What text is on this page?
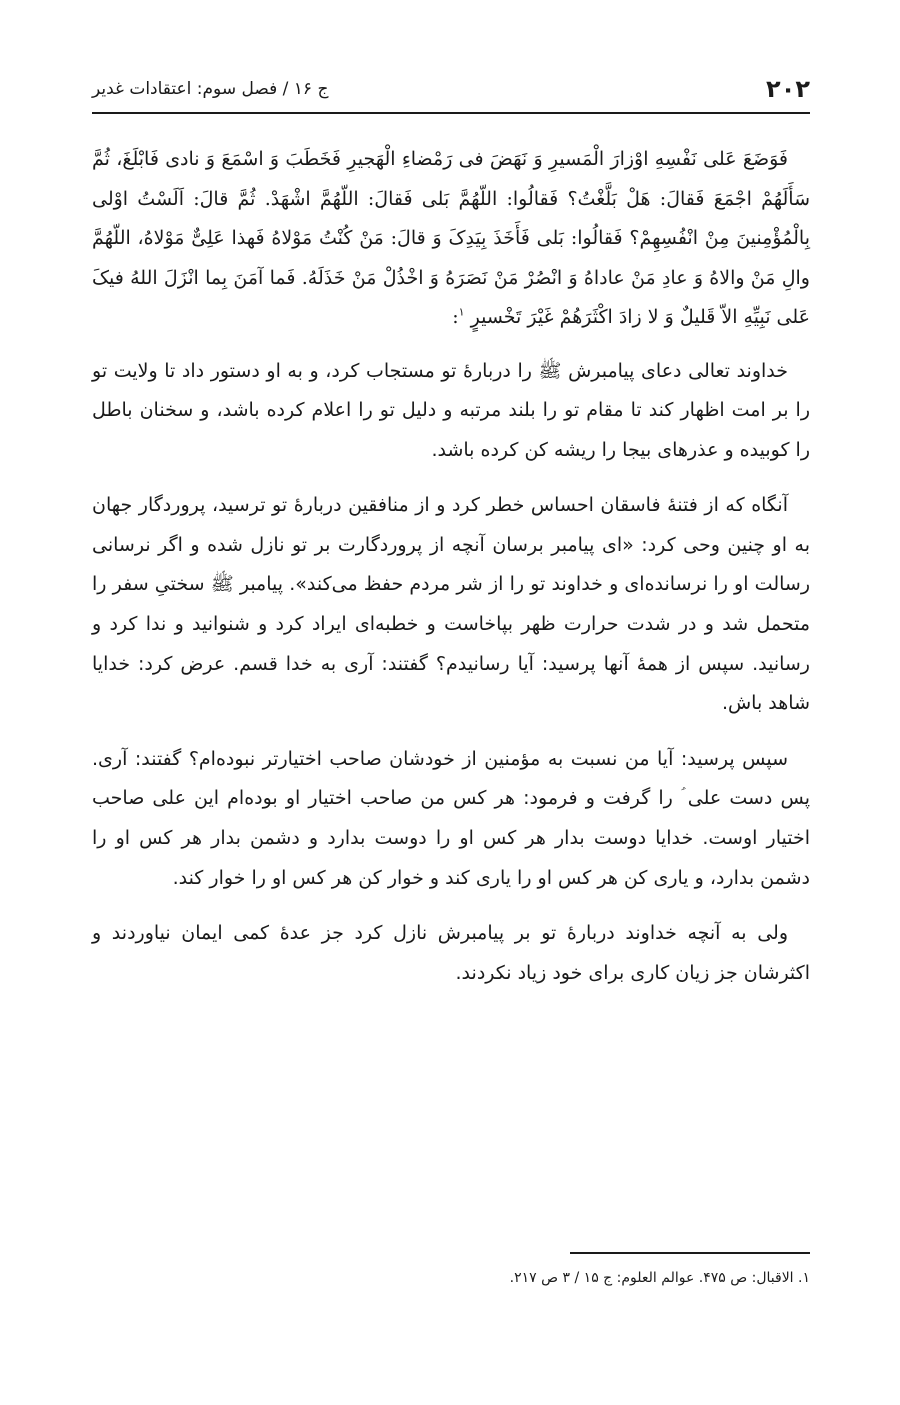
۲۰۲
ج ۱۶ / فصل سوم: اعتقادات غدیر

فَوَضَعَ عَلی نَفْسِهِ اوْزارَ الْمَسیرِ وَ نَهَضَ فی رَمْضاءِ الْهَجیرِ فَخَطَبَ وَ اسْمَعَ وَ نادی فَابْلَغَ، ثُمَّ سَأَلَهُمْ اجْمَعَ فَقالَ: هَلْ بَلَّغْتُ؟ فَقالُوا: اللّهُمَّ بَلی فَقالَ: اللّهُمَّ اشْهَدْ. ثُمَّ قالَ: اَلَسْتُ اوْلی بِالْمُؤْمِنینَ مِنْ انْفُسِهِمْ؟ فَقالُوا: بَلی فَأَخَذَ بِیَدِکَ وَ قالَ: مَنْ کُنْتُ مَوْلاهُ فَهذا عَلِیٌّ مَوْلاهُ، اللّهُمَّ والِ مَنْ والاهُ وَ عادِ مَنْ عاداهُ وَ انْصُرْ مَنْ نَصَرَهُ وَ اخْذُلْ مَنْ خَذَلَهُ. فَما آمَنَ بِما انْزَلَ اللهُ فیکَ عَلی نَبِیِّهِ الاّ قَلیلٌ وَ لا زادَ اکْثَرَهُمْ غَیْرَ تَخْسیرٍ $^۱$:

خداوند تعالی دعای پیامبرش ﷺ را دربارۀ تو مستجاب کرد، و به او دستور داد تا ولایت تو را بر امت اظهار کند تا مقام تو را بلند مرتبه و دلیل تو را اعلام کرده باشد، و سخنان باطل را کوبیده و عذرهای بیجا را ریشه کن کرده باشد.

آنگاه که از فتنۀ فاسقان احساس خطر کرد و از منافقین دربارۀ تو ترسید، پروردگار جهان به او چنین وحی کرد: «ای پیامبر برسان آنچه از پروردگارت بر تو نازل شده و اگر نرسانی رسالت او را نرسانده‌ای و خداوند تو را از شر مردم حفظ می‌کند». پیامبر ﷺ سختیِ سفر را متحمل شد و در شدت حرارت ظهر بپاخاست و خطبه‌ای ایراد کرد و شنوانید و ندا کرد و رسانید. سپس از همۀ آنها پرسید: آیا رسانیدم؟ گفتند: آری به خدا قسم. عرض کرد: خدایا شاهد باش.

سپس پرسید: آیا من نسبت به مؤمنین از خودشان صاحب اختیارتر نبوده‌ام؟ گفتند: آری. پس دست علی ؑ را گرفت و فرمود: هر کس من صاحب اختیار او بوده‌ام این علی صاحب اختیار اوست. خدایا دوست بدار هر کس او را دوست بدارد و دشمن بدار هر کس او را دشمن بدارد، و یاری کن هر کس او را یاری کند و خوار کن هر کس او را خوار کند.

ولی به آنچه خداوند دربارۀ تو بر پیامبرش نازل کرد جز عدۀ کمی ایمان نیاوردند و اکثرشان جز زیان کاری برای خود زیاد نکردند.

۱. الاقبال: ص ۴۷۵. عوالم العلوم: ج ۱۵ / ۳ ص ۲۱۷.
